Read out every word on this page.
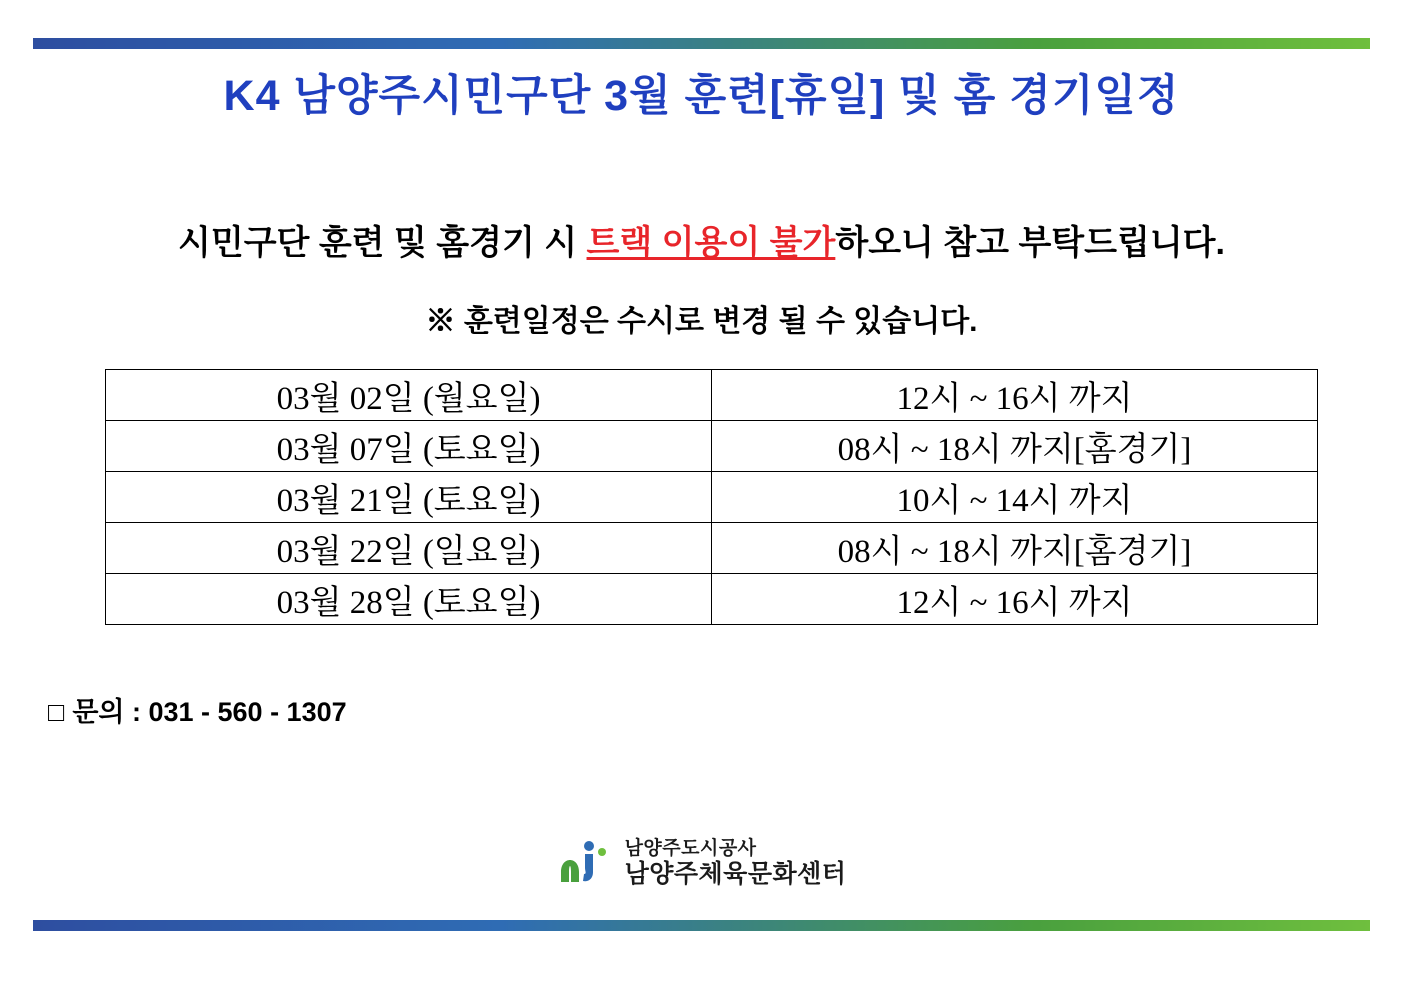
K4 남양주시민구단 3월 훈련[휴일] 및 홈 경기일정
시민구단 훈련 및 홈경기 시 트랙 이용이 불가하오니 참고 부탁드립니다.
※ 훈련일정은 수시로 변경 될 수 있습니다.
03월 02일 (월요일)	12시 ~ 16시 까지
03월 07일 (토요일)	08시 ~ 18시 까지[홈경기]
03월 21일 (토요일)	10시 ~ 14시 까지
03월 22일 (일요일)	08시 ~ 18시 까지[홈경기]
03월 28일 (토요일)	12시 ~ 16시 까지
□ 문의 : 031 - 560 - 1307
남양주도시공사
남양주체육문화센터
